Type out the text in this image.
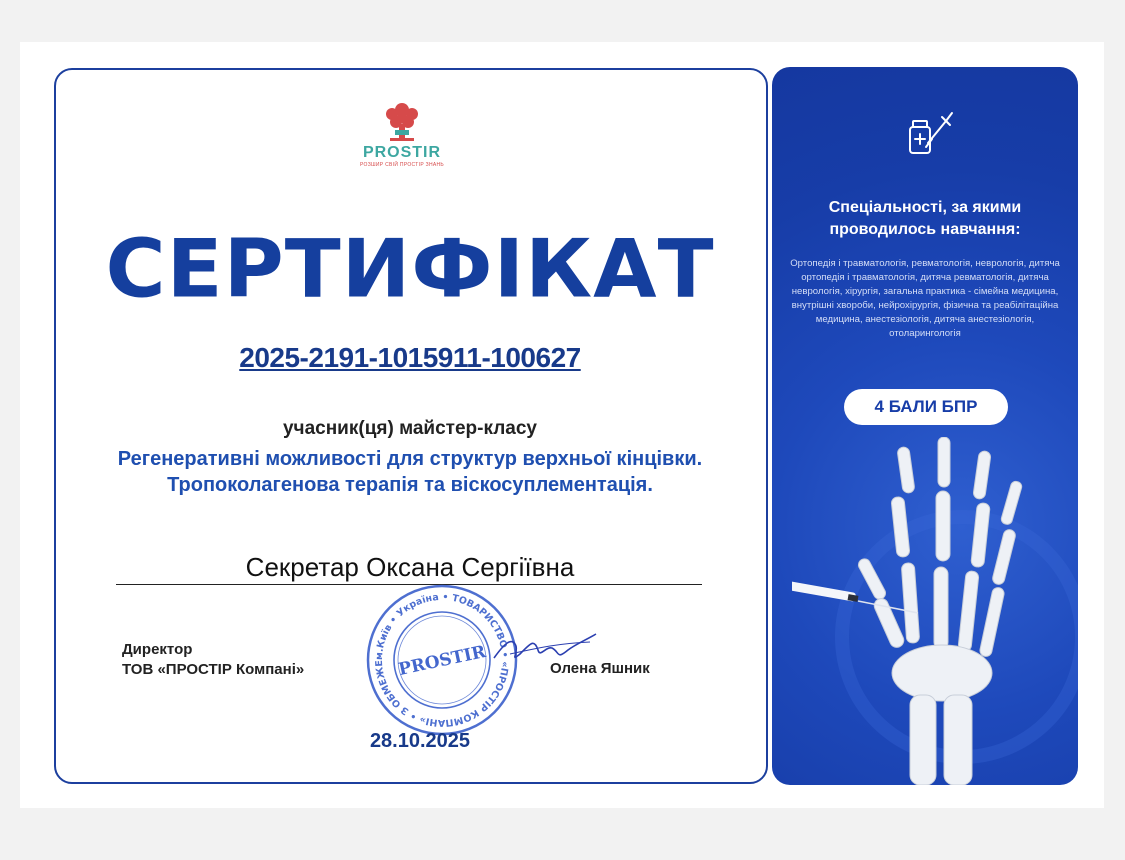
PROSTIR
РОЗШИР СВІЙ ПРОСТІР ЗНАНЬ
СЕРТИФІКАТ
2025-2191-1015911-100627
учасник(ця) майстер-класу
Регенеративні можливості для структур верхньої кінцівки. Тропоколагенова терапія та віскосуплементація.
Секретар Оксана Сергіївна
Директор
ТОВ «ПРОСТІР Компані»
м.Київ • Україна • ТОВАРИСТВО • «ПРОСТІР КОМПАНІ» • З ОБМЕЖЕ PROSTIR	Олена Яшник
28.10.2025
Спеціальності, за якими проводилось навчання:
Ортопедія і травматологія, ревматологія, неврологія, дитяча ортопедія і травматологія, дитяча ревматологія, дитяча неврологія, хірургія, загальна практика - сімейна медицина, внутрішні хвороби, нейрохірургія, фізична та реабілітаційна медицина, анестезіологія, дитяча анестезіологія, отоларингологія
4 БАЛИ БПР
